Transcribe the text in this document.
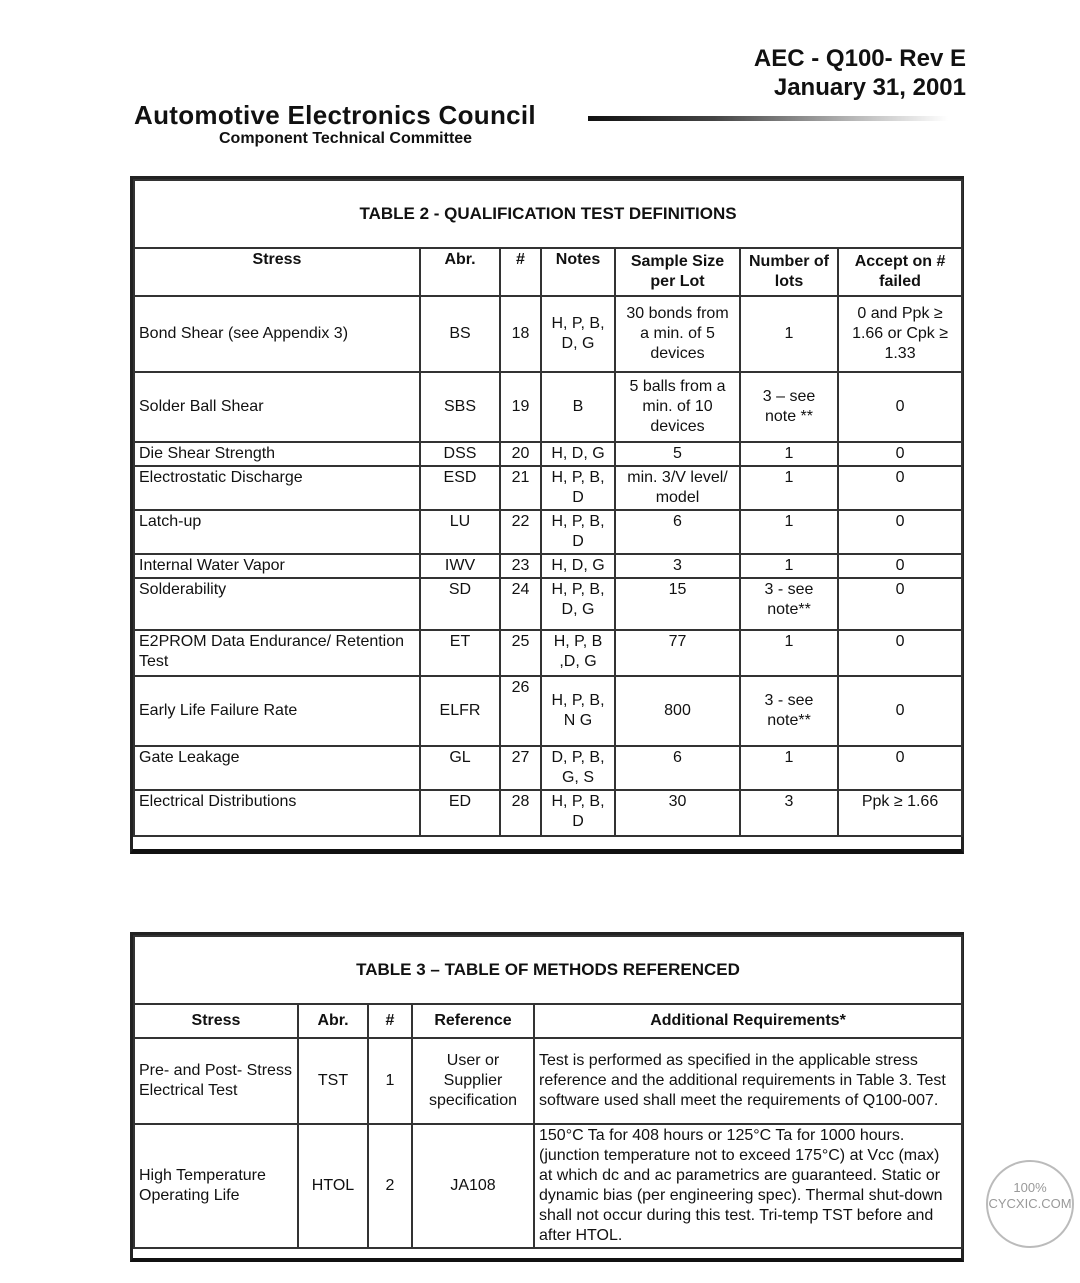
AEC - Q100- Rev E
January 31, 2001
Automotive Electronics Council
Component Technical Committee
TABLE 2 - QUALIFICATION TEST DEFINITIONS						
Stress	Abr.	#	Notes	Sample Size per Lot	Number of lots	Accept on # failed
Bond Shear (see Appendix 3)	BS	18	H, P, B, D, G	30 bonds from a min. of 5 devices	1	0 and Ppk ≥ 1.66 or Cpk ≥ 1.33
Solder Ball Shear	SBS	19	B	5 balls from a min. of 10 devices	3 – see note **	0
Die Shear Strength	DSS	20	H, D, G	5	1	0
Electrostatic Discharge	ESD	21	H, P, B, D	min. 3/V level/ model	1	0
Latch-up	LU	22	H, P, B, D	6	1	0
Internal Water Vapor	IWV	23	H, D, G	3	1	0
Solderability	SD	24	H, P, B, D, G	15	3 - see note**	0
E2PROM Data Endurance/ Retention Test	ET	25	H, P, B ,D, G	77	1	0
Early Life Failure Rate	ELFR	26	H, P, B, N G	800	3 - see note**	0
Gate Leakage	GL	27	D, P, B, G, S	6	1	0
Electrical Distributions	ED	28	H, P, B, D	30	3	Ppk ≥ 1.66
TABLE 3 – TABLE OF METHODS REFERENCED				
Stress	Abr.	#	Reference	Additional Requirements*
Pre- and Post- Stress Electrical Test	TST	1	User or Supplier specification	Test is performed as specified in the applicable stress reference and the additional requirements in Table 3. Test software used shall meet the requirements of Q100-007.
High Temperature Operating Life	HTOL	2	JA108	150°C Ta for 408 hours or 125°C Ta for 1000 hours. (junction temperature not to exceed 175°C) at Vcc (max) at which dc and ac parametrics are guaranteed. Static or dynamic bias (per engineering spec). Thermal shut-down shall not occur during this test. Tri-temp TST before and after HTOL.
100%
CYCXIC.COM
